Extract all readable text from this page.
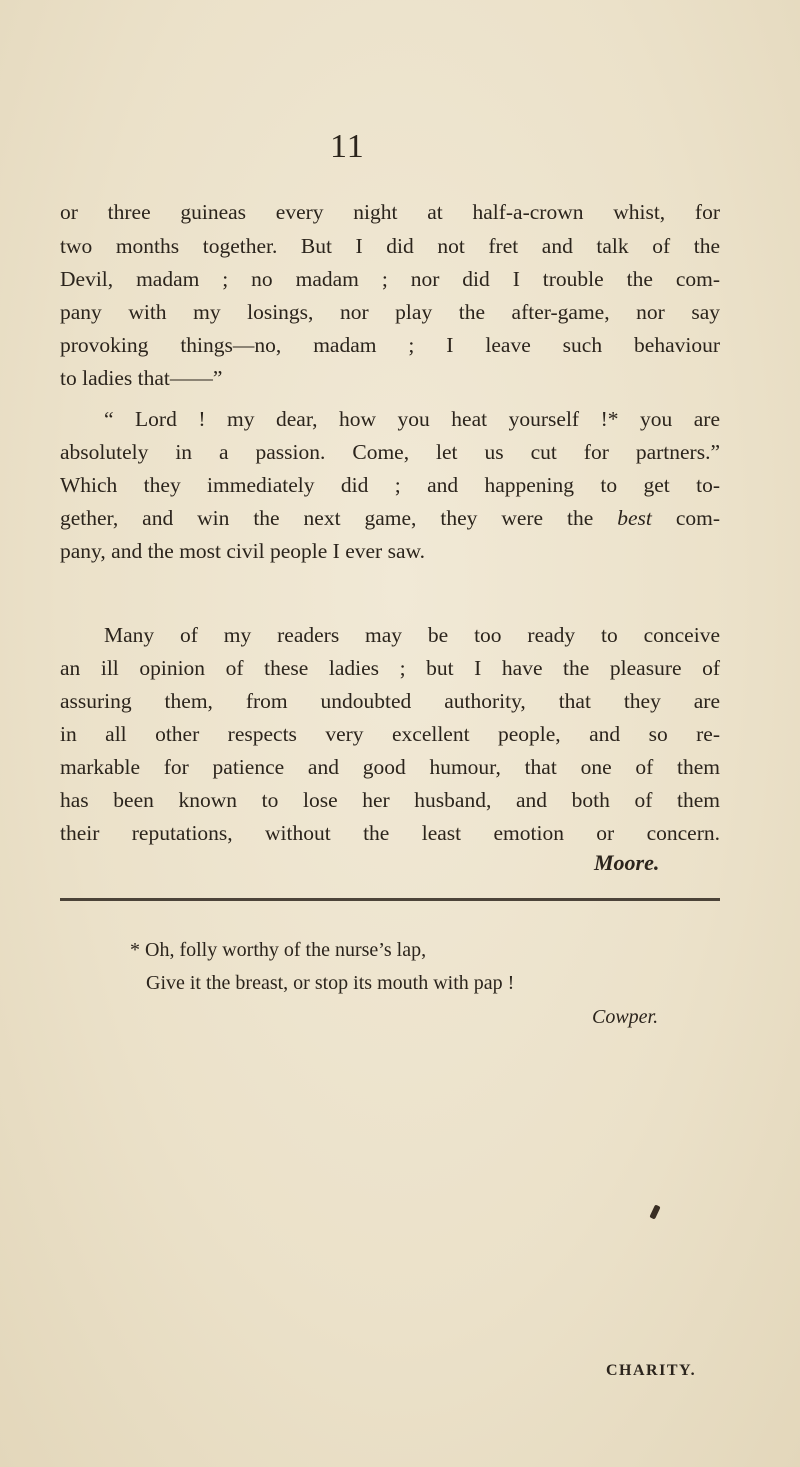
11
or three guineas every night at half-a-crown whist, for
two months together. But I did not fret and talk of the
Devil, madam ; no madam ; nor did I trouble the com-
pany with my losings, nor play the after-game, nor say
provoking things—no, madam ; I leave such behaviour
to ladies that——”
“ Lord ! my dear, how you heat yourself !* you are
absolutely in a passion. Come, let us cut for partners.”
Which they immediately did ; and happening to get to-
gether, and win the next game, they were the best com-
pany, and the most civil people I ever saw.
Many of my readers may be too ready to conceive
an ill opinion of these ladies ; but I have the pleasure of
assuring them, from undoubted authority, that they are
in all other respects very excellent people, and so re-
markable for patience and good humour, that one of them
has been known to lose her husband, and both of them
their reputations, without the least emotion or concern.
Moore.
* Oh, folly worthy of the nurse’s lap,
Give it the breast, or stop its mouth with pap !
Cowper.
CHARITY.
